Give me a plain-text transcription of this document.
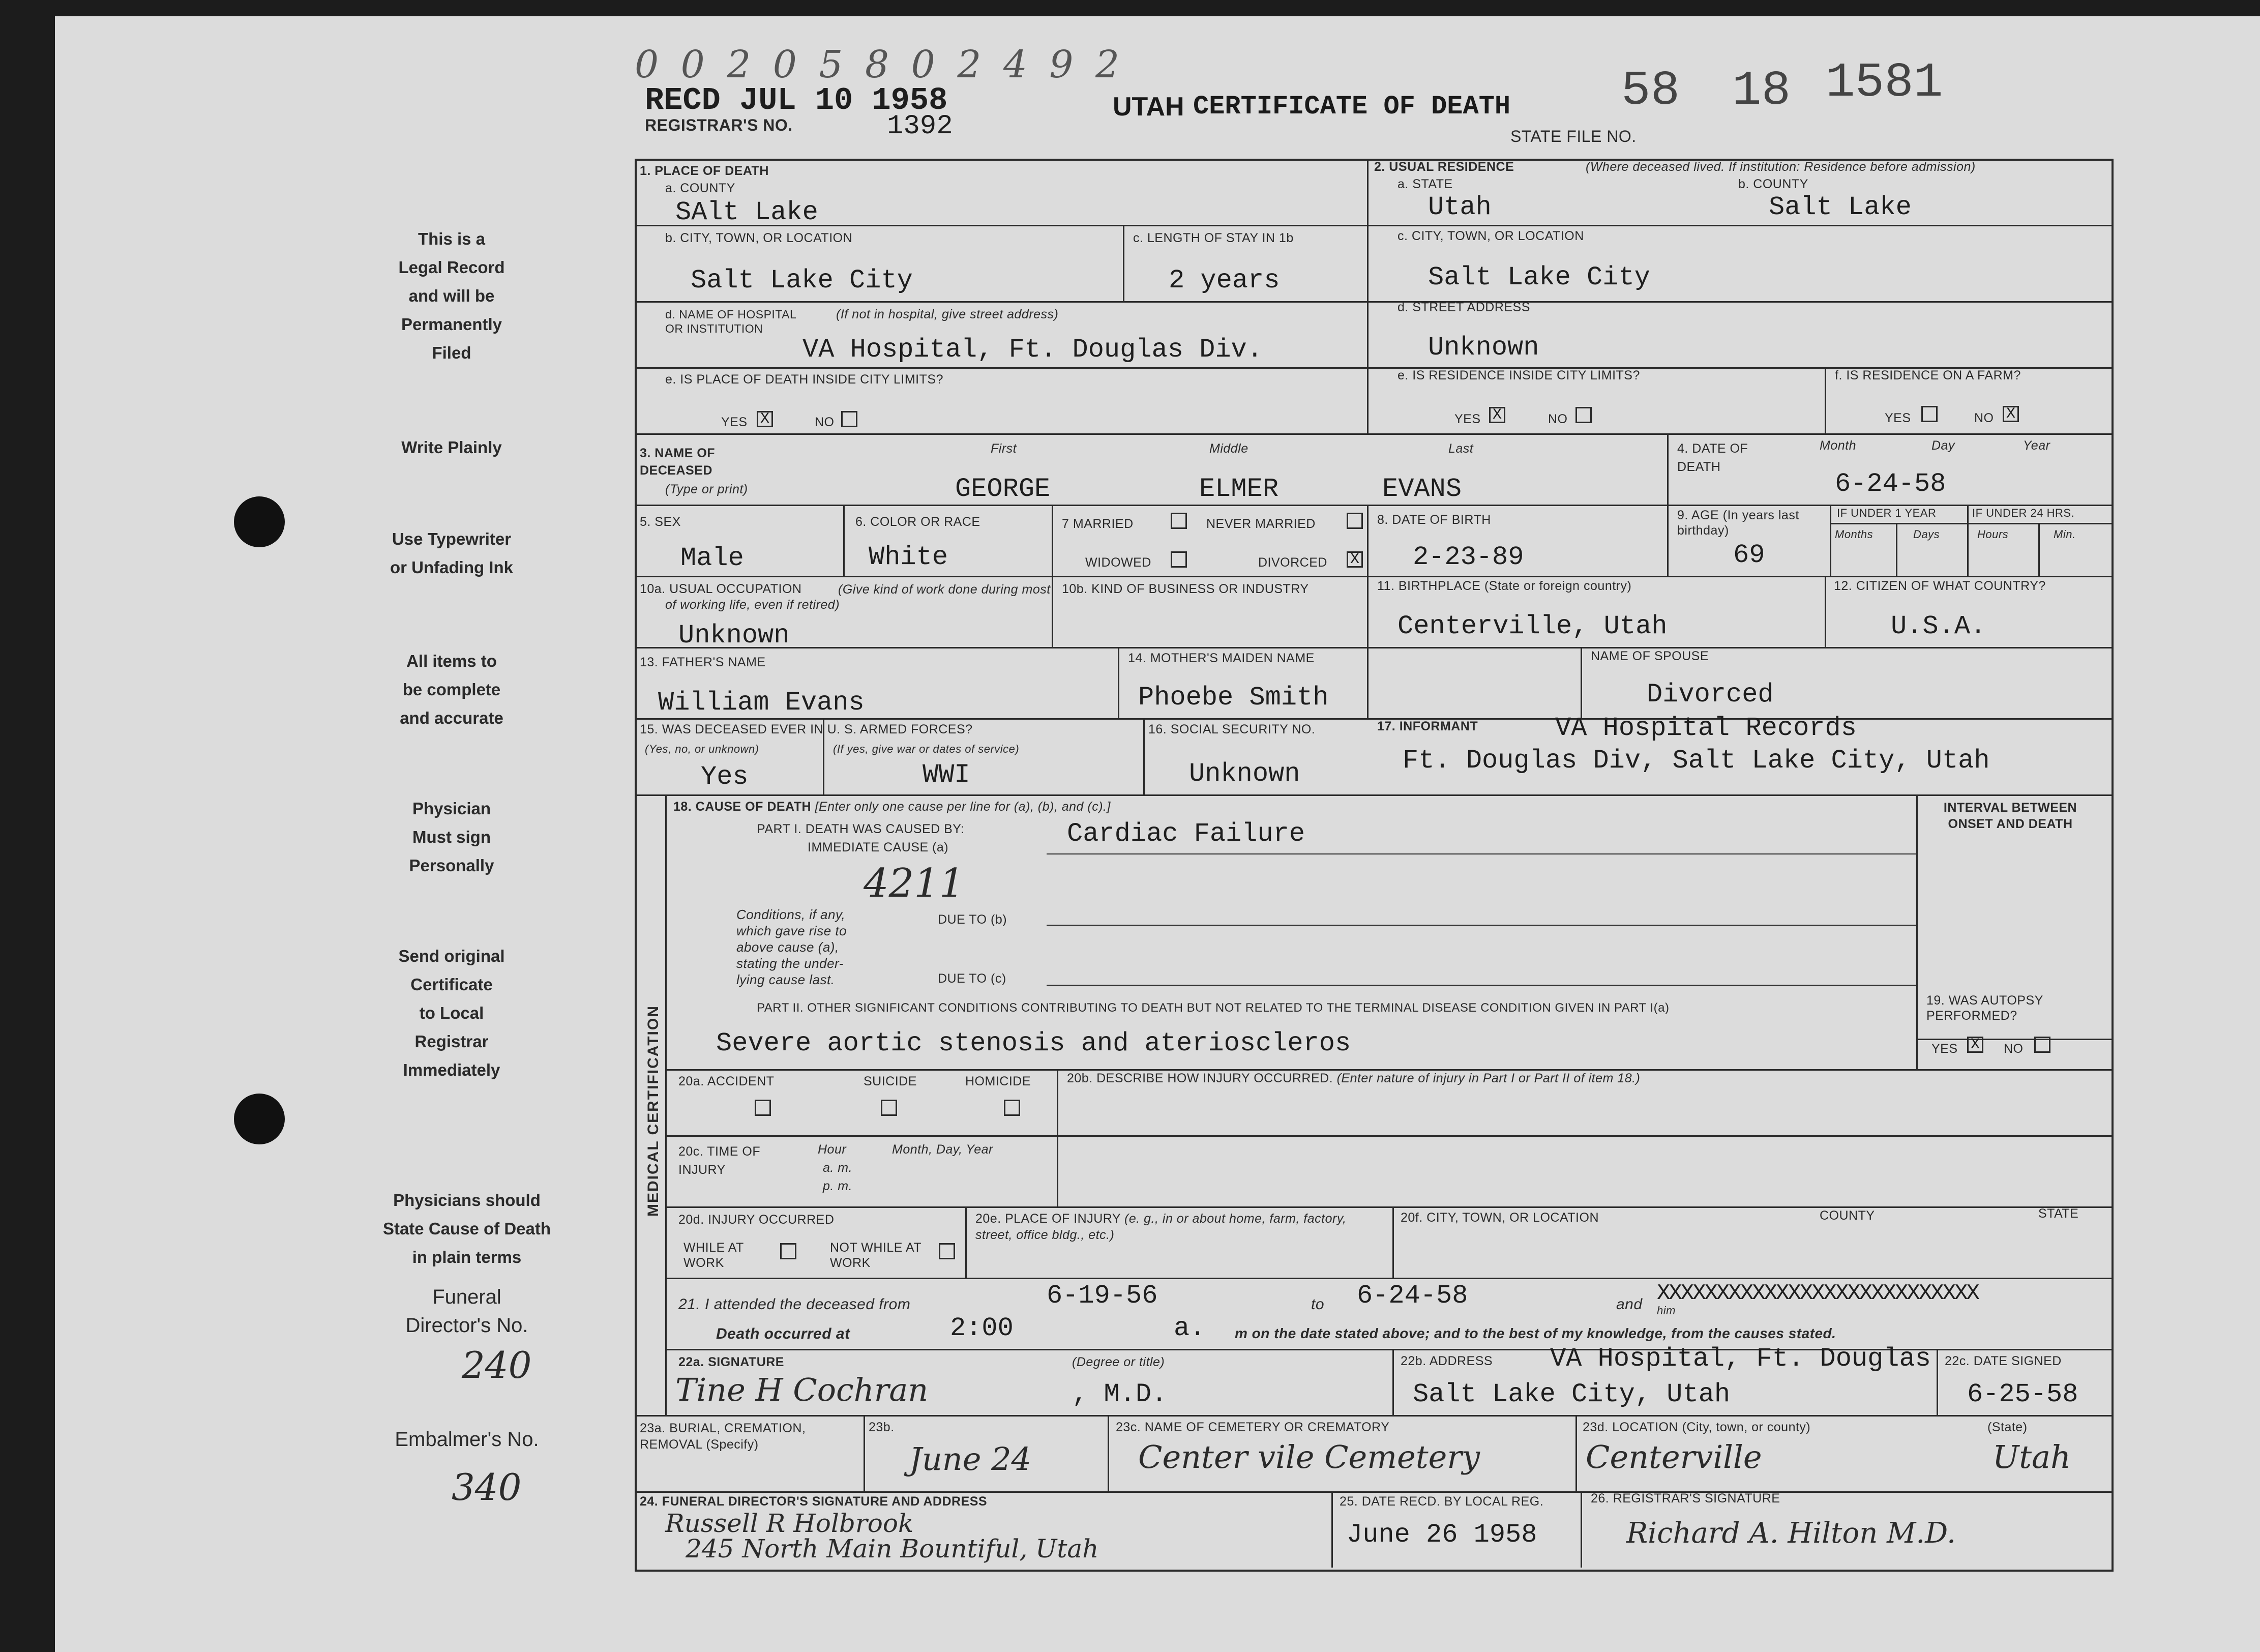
0 0 2 0 5 8 0 2 4 9 2
RECD JUL 10 1958
REGISTRAR'S NO.	1392
UTAH CERTIFICATE OF DEATH
STATE FILE NO.
58 18 1581
This is a
Legal Record
and will be
Permanently
Filed
Write Plainly
Use Typewriter
or Unfading Ink
All items to
be complete
and accurate
Physician
Must sign
Personally
Send original
Certificate
to Local
Registrar
Immediately
Physicians should
State Cause of Death
in plain terms
Funeral
Director's No.
240
Embalmer's No.
340
1. PLACE OF DEATH
a. COUNTY
SAlt Lake
b. CITY, TOWN, OR LOCATION
Salt Lake City
c. LENGTH OF STAY IN 1b
2 years
d. NAME OF HOSPITAL OR INSTITUTION
(If not in hospital, give street address)
VA Hospital, Ft. Douglas Div.
e. IS PLACE OF DEATH INSIDE CITY LIMITS?
YES X	NO
2. USUAL RESIDENCE	(Where deceased lived. If institution: Residence before admission)
a. STATE
Utah
b. COUNTY
Salt Lake
c. CITY, TOWN, OR LOCATION
Salt Lake City
d. STREET ADDRESS
Unknown
e. IS RESIDENCE INSIDE CITY LIMITS?
YES X	NO
f. IS RESIDENCE ON A FARM?
YES	NO X
3. NAME OF DECEASED
(Type or print)
First	Middle	Last
GEORGE	ELMER	EVANS
4. DATE OF DEATH
Month	Day	Year
6-24-58
5. SEX
Male
6. COLOR OR RACE
White
7 MARRIED	NEVER MARRIED
WIDOWED	DIVORCED X
8. DATE OF BIRTH
2-23-89
9. AGE (In years last birthday)
69
IF UNDER 1 YEAR	IF UNDER 24 HRS.
Months	Days	Hours	Min.
10a. USUAL OCCUPATION	(Give kind of work done during most of working life, even if retired)
Unknown
10b. KIND OF BUSINESS OR INDUSTRY	11. BIRTHPLACE (State or foreign country)
Centerville, Utah
12. CITIZEN OF WHAT COUNTRY?
U.S.A.
13. FATHER'S NAME
William Evans
14. MOTHER'S MAIDEN NAME
Phoebe Smith
NAME OF SPOUSE
Divorced
15. WAS DECEASED EVER IN U. S. ARMED FORCES?
(Yes, no, or unknown)	(If yes, give war or dates of service)
Yes	WWI
16. SOCIAL SECURITY NO.
Unknown
17. INFORMANT	VA Hospital Records
Ft. Douglas Div, Salt Lake City, Utah
MEDICAL CERTIFICATION
18. CAUSE OF DEATH [Enter only one cause per line for (a), (b), and (c).]	INTERVAL BETWEEN ONSET AND DEATH
PART I. DEATH WAS CAUSED BY:
IMMEDIATE CAUSE (a)	Cardiac Failure
4211
Conditions, if any,
which gave rise to
above cause (a),
stating the under-
lying cause last.
DUE TO (b)
DUE TO (c)
PART II. OTHER SIGNIFICANT CONDITIONS CONTRIBUTING TO DEATH BUT NOT RELATED TO THE TERMINAL DISEASE CONDITION GIVEN IN PART I(a)
Severe aortic stenosis and aterioscleros
19. WAS AUTOPSY PERFORMED?
YES X NO
20a. ACCIDENT	SUICIDE	HOMICIDE	20b. DESCRIBE HOW INJURY OCCURRED. (Enter nature of injury in Part I or Part II of item 18.)
20c. TIME OF INJURY
Hour
a. m.
p. m.
Month, Day, Year
20d. INJURY OCCURRED
WHILE AT WORK
NOT WHILE AT WORK
20e. PLACE OF INJURY (e. g., in or about home, farm, factory, street, office bldg., etc.)
20f. CITY, TOWN, OR LOCATION	COUNTY	STATE
21. I attended the deceased from	6-19-56	to 6-24-58	and XXXXXXXXXXXXXXXXXXXXXXXXXXX
him
Death occurred at	2:00	a. m on the date stated above; and to the best of my knowledge, from the causes stated.
22a. SIGNATURE	(Degree or title)
Tine H Cochran	, M.D.
22b. ADDRESS VA Hospital, Ft. Douglas
Salt Lake City, Utah
22c. DATE SIGNED
6-25-58
23a. BURIAL, CREMATION, REMOVAL (Specify)
23b.
June 24
23c. NAME OF CEMETERY OR CREMATORY
Center vile Cemetery
23d. LOCATION (City, town, or county)	(State)
Centerville	Utah
24. FUNERAL DIRECTOR'S SIGNATURE AND ADDRESS
Russell R Holbrook
245 North Main Bountiful, Utah
25. DATE RECD. BY LOCAL REG.
June 26 1958
26. REGISTRAR'S SIGNATURE
Richard A. Hilton M.D.
